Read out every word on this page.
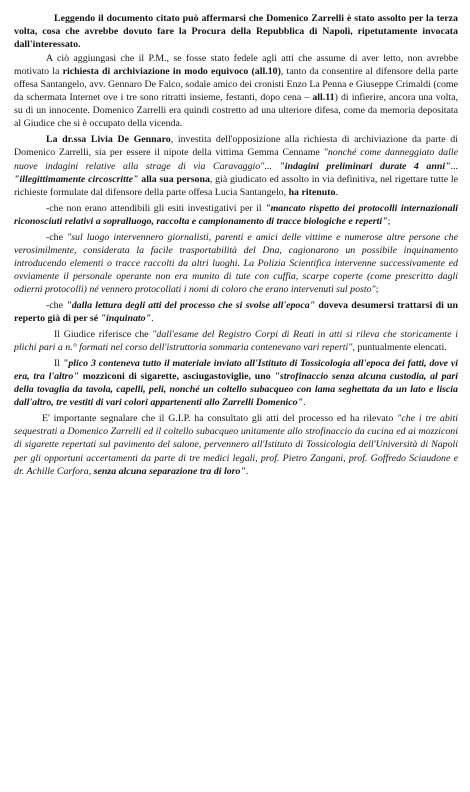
Leggendo il documento citato può affermarsi che Domenico Zarrelli è stato assolto per la terza volta, cosa che avrebbe dovuto fare la Procura della Repubblica di Napoli, ripetutamente invocata dall'interessato.

A ciò aggiungasi che il P.M., se fosse stato fedele agli atti che assume di aver letto, non avrebbe motivato la richiesta di archiviazione in modo equivoco (all.10), tanto da consentire al difensore della parte offesa Santangelo, avv. Gennaro De Falco, sodale amico dei cronisti Enzo La Penna e Giuseppe Crimaldi (come da schermata Internet ove i tre sono ritratti insieme, festanti, dopo cena – all.11) di infierire, ancora una volta, su di un innocente. Domenico Zarrelli era quindi costretto ad una ulteriore difesa, come da memoria depositata al Giudice che si è occupato della vicenda.

La dr.ssa Livia De Gennaro, investita dell'opposizione alla richiesta di archiviazione da parte di Domenico Zarrelli, sia per essere il nipote della vittima Gemma Cenname "nonché come danneggiato dalle nuove indagini relative alla strage di via Caravaggio"... "indagini preliminari durate 4 anni"... "illegittimamente circoscritte" alla sua persona, già giudicato ed assolto in via definitiva, nel rigettare tutte le richieste formulate dal difensore della parte offesa Lucia Santangelo, ha ritenuto.

-che non erano attendibili gli esiti investigativi per il "mancato rispetto dei protocolli internazionali riconosciuti relativi a sopralluogo, raccolta e campionamento di tracce biologiche e reperti";

-che "sul luogo intervennero giornalisti, parenti e amici delle vittime e numerose altre persone che verosimilmente, considerata la facile trasportabilità del Dna, cagionarono un possibile inquinamento introducendo elementi o tracce raccolti da altri luoghi. La Polizia Scientifica intervenne successivamente ed ovviamente il personale operante non era munito di tute con cuffia, scarpe coperte (come prescritto dagli odierni protocolli) né vennero protocollati i nomi di coloro che erano intervenuti sul posto";

-che "dalla lettura degli atti del processo che si svolse all'epoca" doveva desumersi trattarsi di un reperto già di per sé "inquinato".

Il Giudice riferisce che "dall'esame del Registro Corpi di Reati in atti si rileva che storicamente i plichi pari a n.° formati nel corso dell'istruttoria sommaria contenevano vari reperti", puntualmente elencati.

Il "plico 3 conteneva tutto il materiale inviato all'Istituto di Tossicologia all'epoca dei fatti, dove vi era, tra l'altro" mozziconi di sigarette, asciugastoviglie, uno "strofinaccio senza alcuna custodia, al pari della tovaglia da tavola, capelli, peli, nonché un coltello subacqueo con lama seghettata da un lato e liscia dall'altro, tre vestiti di vari colori appartenenti allo Zarrelli Domenico".

E' importante segnalare che il G.I.P. ha consultato gli atti del processo ed ha rilevato "che i tre abiti sequestrati a Domenico Zarrelli ed il coltello subacqueo unitamente allo strofinaccio da cucina ed ai mozziconi di sigarette repertati sul pavimento del salone, pervennero all'Istituto di Tossicologia dell'Università di Napoli per gli opportuni accertamenti da parte di tre medici legali, prof. Pietro Zangani, prof. Goffredo Sciaudone e dr. Achille Carfora, senza alcuna separazione tra di loro".
